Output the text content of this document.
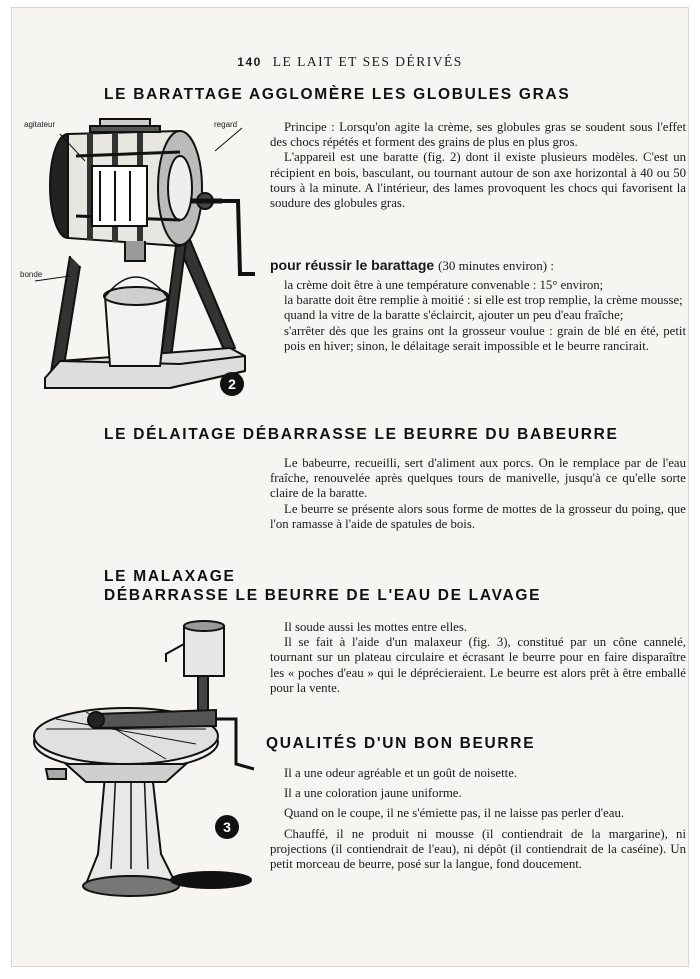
140 LE LAIT ET SES DÉRIVÉS
LE BARATTAGE AGGLOMÈRE LES GLOBULES GRAS
agitateur	regard
bonde
2

Principe : Lorsqu'on agite la crème, ses globules gras se soudent sous l'effet des chocs répétés et forment des grains de plus en plus gros.

L'appareil est une baratte (fig. 2) dont il existe plusieurs modèles. C'est un récipient en bois, basculant, ou tournant autour de son axe horizontal à 40 ou 50 tours à la minute. A l'intérieur, des lames provoquent les chocs qui favorisent la soudure des globules gras.

pour réussir le barattage (30 minutes environ) :

la crème doit être à une température convenable : 15° environ;

la baratte doit être remplie à moitié : si elle est trop remplie, la crème mousse;

quand la vitre de la baratte s'éclaircit, ajouter un peu d'eau fraîche;

s'arrêter dès que les grains ont la grosseur voulue : grain de blé en été, petit pois en hiver; sinon, le délaitage serait impossible et le beurre rancirait.

LE DÉLAITAGE DÉBARRASSE LE BEURRE DU BABEURRE

Le babeurre, recueilli, sert d'aliment aux porcs. On le remplace par de l'eau fraîche, renouvelée après quelques tours de manivelle, jusqu'à ce qu'elle sorte claire de la baratte.

Le beurre se présente alors sous forme de mottes de la grosseur du poing, que l'on ramasse à l'aide de spatules de bois.

LE MALAXAGE
DÉBARRASSE LE BEURRE DE L'EAU DE LAVAGE
3

Il soude aussi les mottes entre elles.

Il se fait à l'aide d'un malaxeur (fig. 3), constitué par un cône cannelé, tournant sur un plateau circulaire et écrasant le beurre pour en faire disparaître les « poches d'eau » qui le déprécieraient. Le beurre est alors prêt à être emballé pour la vente.

QUALITÉS D'UN BON BEURRE

Il a une odeur agréable et un goût de noisette.

Il a une coloration jaune uniforme.

Quand on le coupe, il ne s'émiette pas, il ne laisse pas perler d'eau.

Chauffé, il ne produit ni mousse (il contiendrait de la margarine), ni projections (il contiendrait de l'eau), ni dépôt (il contiendrait de la caséine). Un petit morceau de beurre, posé sur la langue, fond doucement.
